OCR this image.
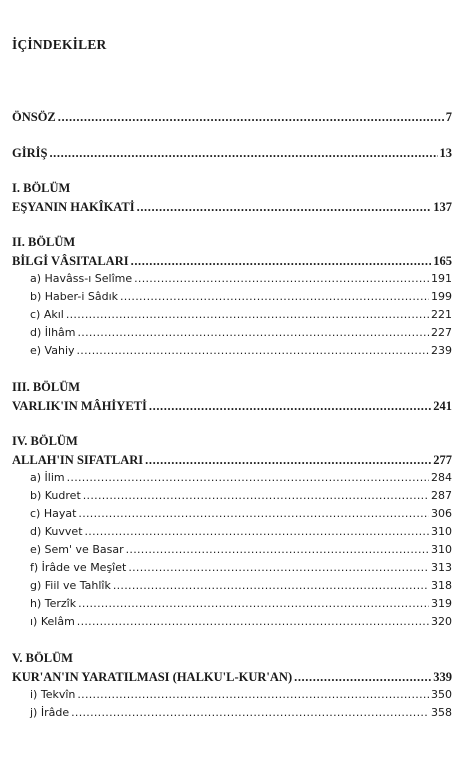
İÇİNDEKİLER
ÖNSÖZ .....	7
GİRİŞ .....	13
I. BÖLÜM
EŞYANIN HAKÎKATİ .....	137
II. BÖLÜM
BİLGİ VÂSITALARI .....	165
a) Havâss-ı Selîme .....	191
b) Haber-i Sâdık .....	199
c) Akıl .....	221
d) İlhâm .....	227
e) Vahiy .....	239
III. BÖLÜM
VARLIK'IN MÂHİYETİ .....	241
IV. BÖLÜM
ALLAH'IN SIFATLARI .....	277
a) İlim .....	284
b) Kudret .....	287
c) Hayat .....	306
d) Kuvvet .....	310
e) Sem' ve Basar .....	310
f) İrâde ve Meşîet .....	313
g) Fiil ve Tahlîk .....	318
h) Terzîk .....	319
ı) Kelâm .....	320
V. BÖLÜM
KUR'AN'IN YARATILMASI (HALKU'L-KUR'AN) .....	339
i) Tekvîn .....	350
j) İrâde .....	358
